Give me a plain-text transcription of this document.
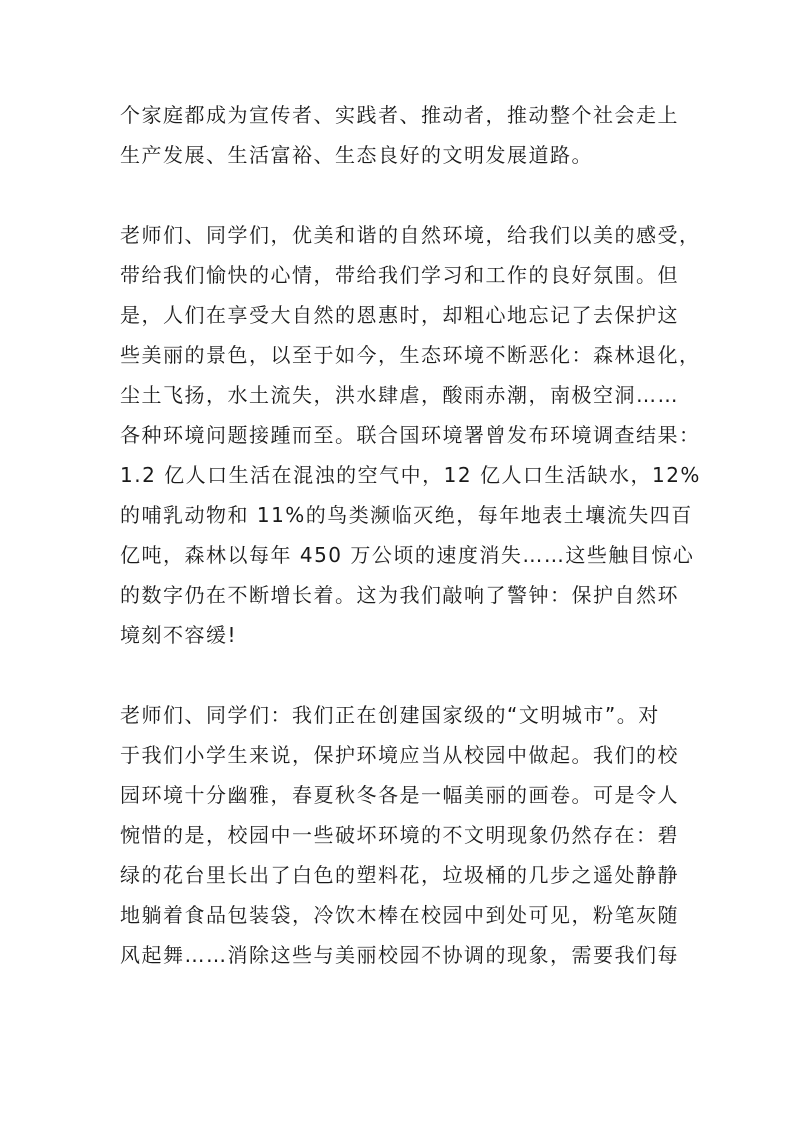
个家庭都成为宣传者、实践者、推动者，推动整个社会走上
生产发展、生活富裕、生态良好的文明发展道路。

老师们、同学们，优美和谐的自然环境，给我们以美的感受，
带给我们愉快的心情，带给我们学习和工作的良好氛围。但
是，人们在享受大自然的恩惠时，却粗心地忘记了去保护这
些美丽的景色，以至于如今，生态环境不断恶化：森林退化，
尘土飞扬，水土流失，洪水肆虐，酸雨赤潮，南极空洞……
各种环境问题接踵而至。联合国环境署曾发布环境调查结果：
1.2 亿人口生活在混浊的空气中，12 亿人口生活缺水，12%
的哺乳动物和 11%的鸟类濒临灭绝，每年地表土壤流失四百
亿吨，森林以每年 450 万公顷的速度消失……这些触目惊心
的数字仍在不断增长着。这为我们敲响了警钟：保护自然环
境刻不容缓!

老师们、同学们：我们正在创建国家级的“文明城市”。对
于我们小学生来说，保护环境应当从校园中做起。我们的校
园环境十分幽雅，春夏秋冬各是一幅美丽的画卷。可是令人
惋惜的是，校园中一些破坏环境的不文明现象仍然存在：碧
绿的花台里长出了白色的塑料花，垃圾桶的几步之遥处静静
地躺着食品包装袋，冷饮木棒在校园中到处可见，粉笔灰随
风起舞……消除这些与美丽校园不协调的现象，需要我们每
